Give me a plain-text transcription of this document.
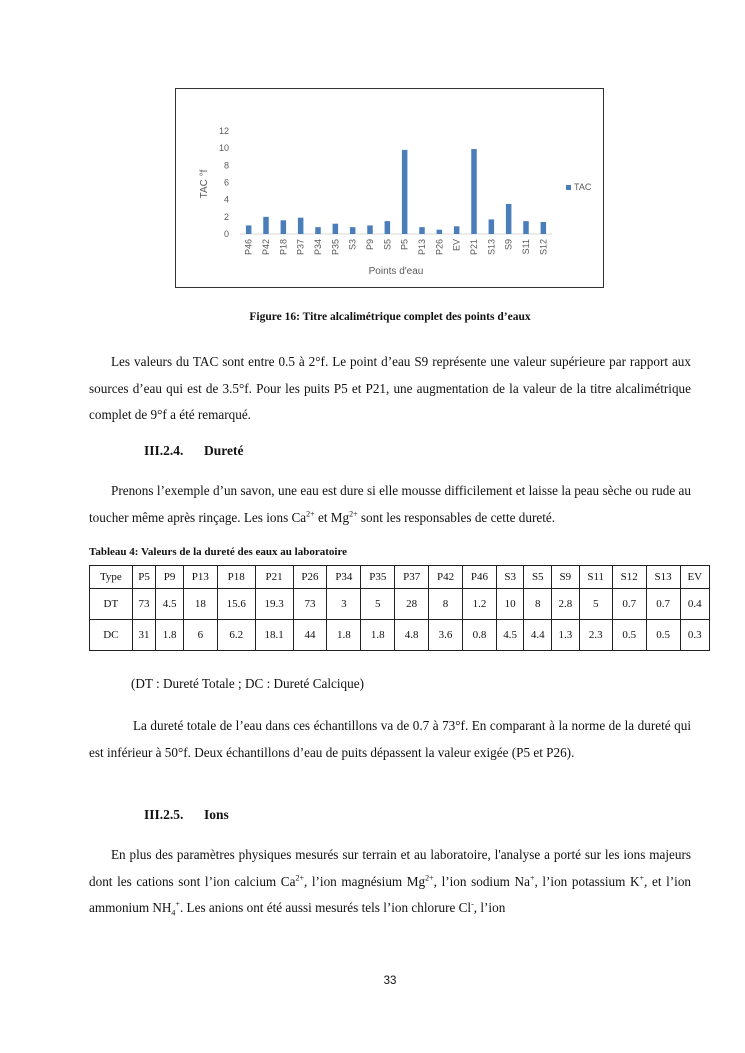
0
2
4
6
8
10
12
P46 P42 P18 P37 P34 P35 S3 P9 S5 P5 P13 P26 EV P21 S13 S9 S11 S12
TAC °f
Points d'eau
TAC
Figure 16: Titre alcalimétrique complet des points d’eaux

Les valeurs du TAC sont entre 0.5 à 2°f. Le point d’eau S9 représente une valeur supérieure par rapport aux sources d’eau qui est de 3.5°f. Pour les puits P5 et P21, une augmentation de la valeur de la titre alcalimétrique complet de 9°f a été remarqué.

III.2.4. Dureté

Prenons l’exemple d’un savon, une eau est dure si elle mousse difficilement et laisse la peau sèche ou rude au toucher même après rinçage. Les ions $Ca^{2+}$ et $Mg^{2+}$ sont les responsables de cette dureté.

Tableau 4: Valeurs de la dureté des eaux au laboratoire
Type	P5	P9	P13	P18	P21	P26	P34	P35	P37	P42	P46	S3	S5	S9	S11	S12	S13	EV
DT	73	4.5	18	15.6	19.3	73	3	5	28	8	1.2	10	8	2.8	5	0.7	0.7	0.4
DC	31	1.8	6	6.2	18.1	44	1.8	1.8	4.8	3.6	0.8	4.5	4.4	1.3	2.3	0.5	0.5	0.3
(DT : Dureté Totale ; DC : Dureté Calcique)

La dureté totale de l’eau dans ces échantillons va de 0.7 à 73°f. En comparant à la norme de la dureté qui est inférieur à 50°f. Deux échantillons d’eau de puits dépassent la valeur exigée (P5 et P26).

III.2.5. Ions

En plus des paramètres physiques mesurés sur terrain et au laboratoire, l'analyse a porté sur les ions majeurs dont les cations sont l’ion calcium $Ca^{2+}$, l’ion magnésium $Mg^{2+}$, l’ion sodium Na+, l’ion potassium K+, et l’ion ammonium $NH_4^+$. Les anions ont été aussi mesurés tels l’ion chlorure Cl-, l’ion

33
